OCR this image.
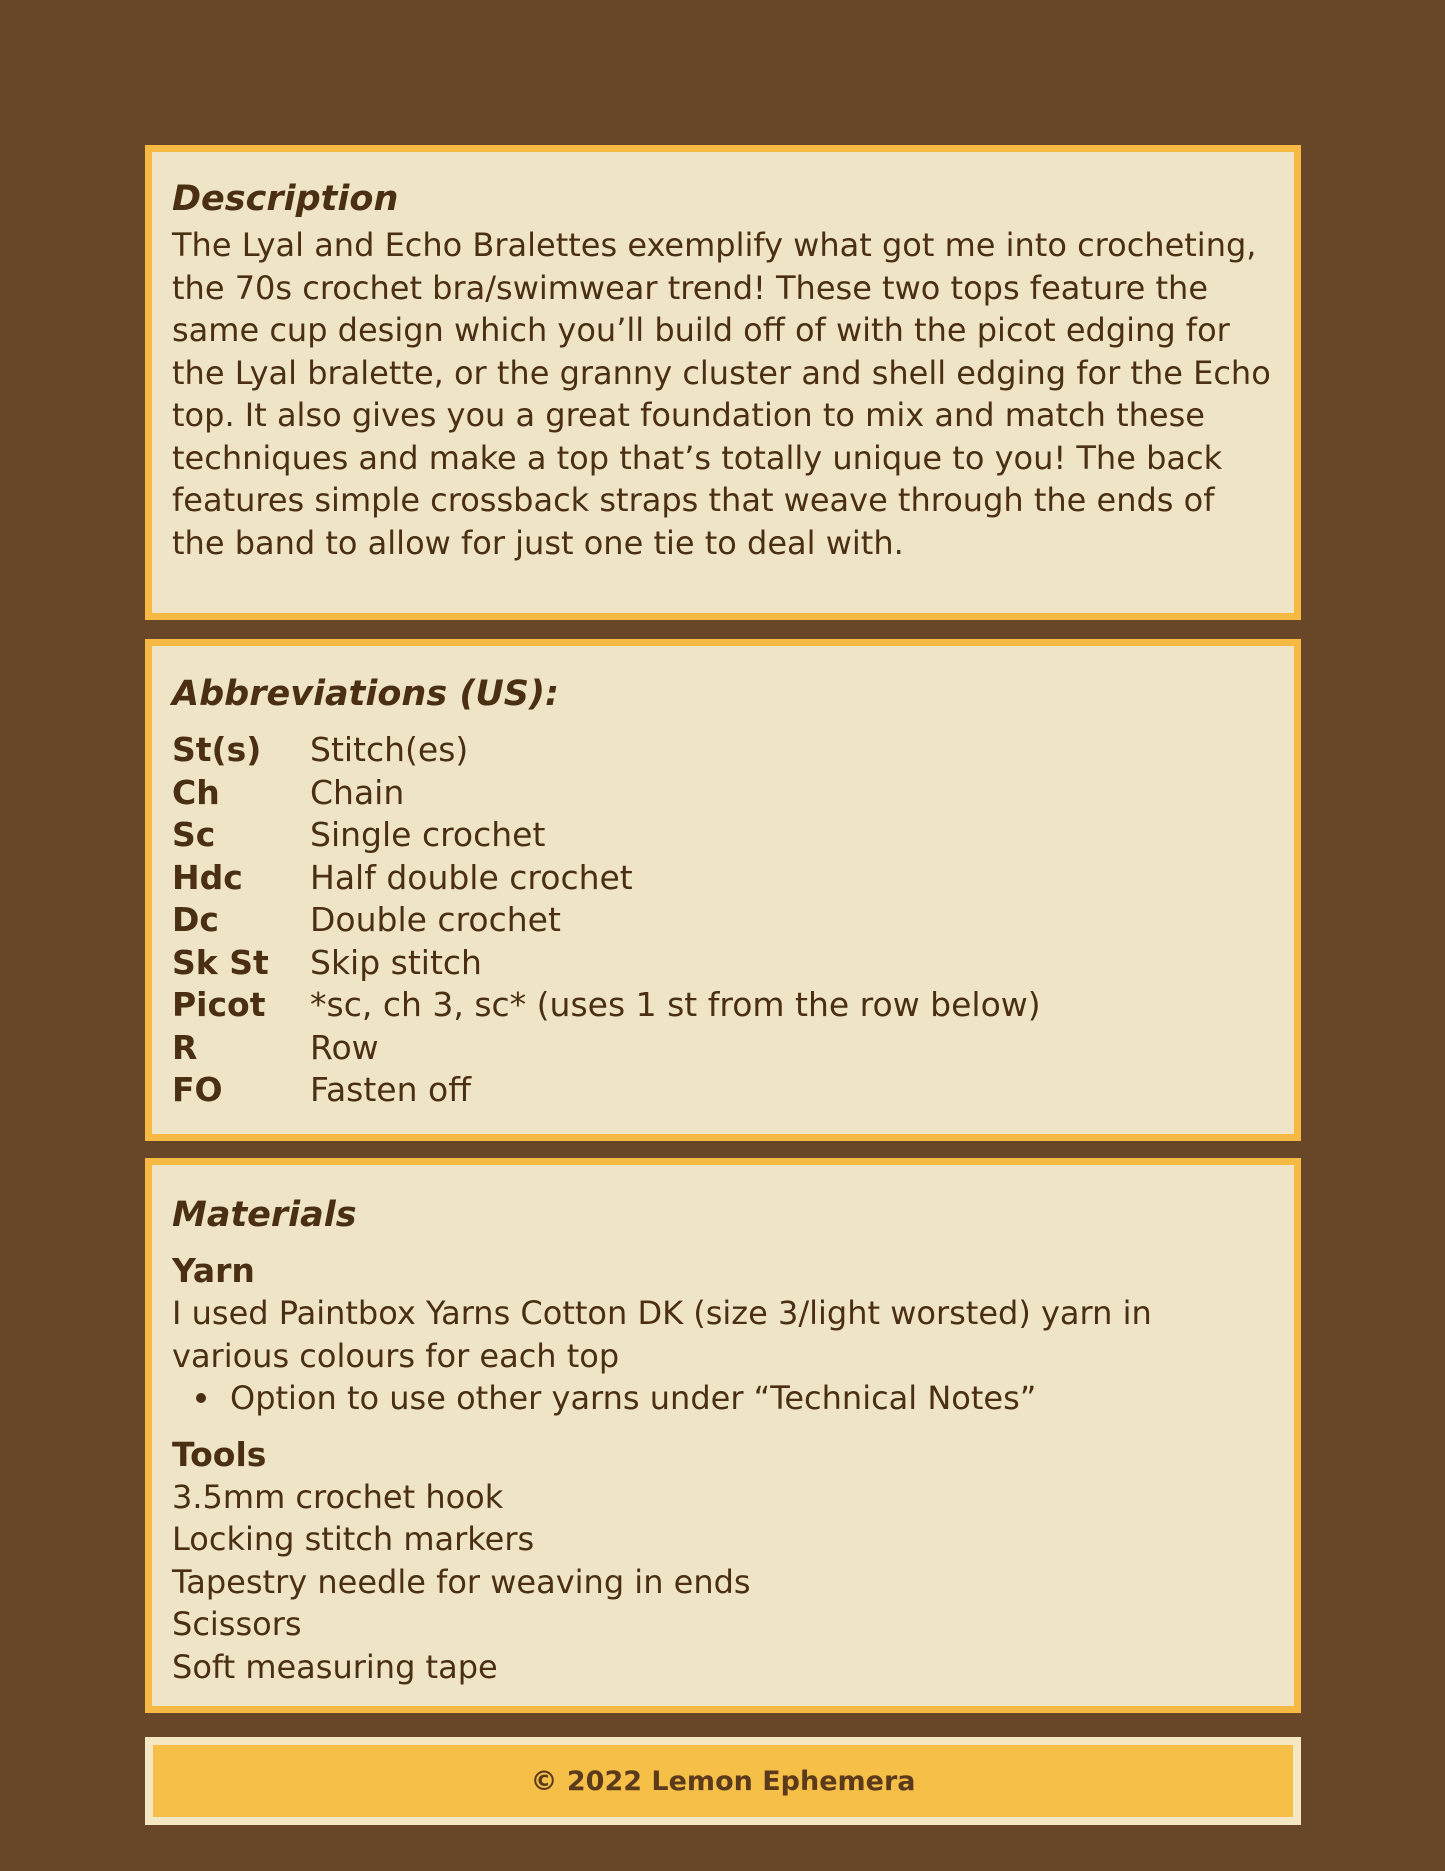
Description

The Lyal and Echo Bralettes exemplify what got me into crocheting, the 70s crochet bra/swimwear trend! These two tops feature the same cup design which you’ll build off of with the picot edging for the Lyal bralette, or the granny cluster and shell edging for the Echo top. It also gives you a great foundation to mix and match these techniques and make a top that’s totally unique to you! The back features simple crossback straps that weave through the ends of the band to allow for just one tie to deal with.

Abbreviations (US):
St(s)	Stitch(es)
Ch	Chain
Sc	Single crochet
Hdc	Half double crochet
Dc	Double crochet
Sk St	Skip stitch
Picot	*sc, ch 3, sc* (uses 1 st from the row below)
R	Row
FO	Fasten off
Materials
Yarn

I used Paintbox Yarns Cotton DK (size 3/light worsted) yarn in various colours for each top

Option to use other yarns under “Technical Notes”
Tools
3.5mm crochet hook
Locking stitch markers
Tapestry needle for weaving in ends
Scissors
Soft measuring tape
© 2022 Lemon Ephemera
